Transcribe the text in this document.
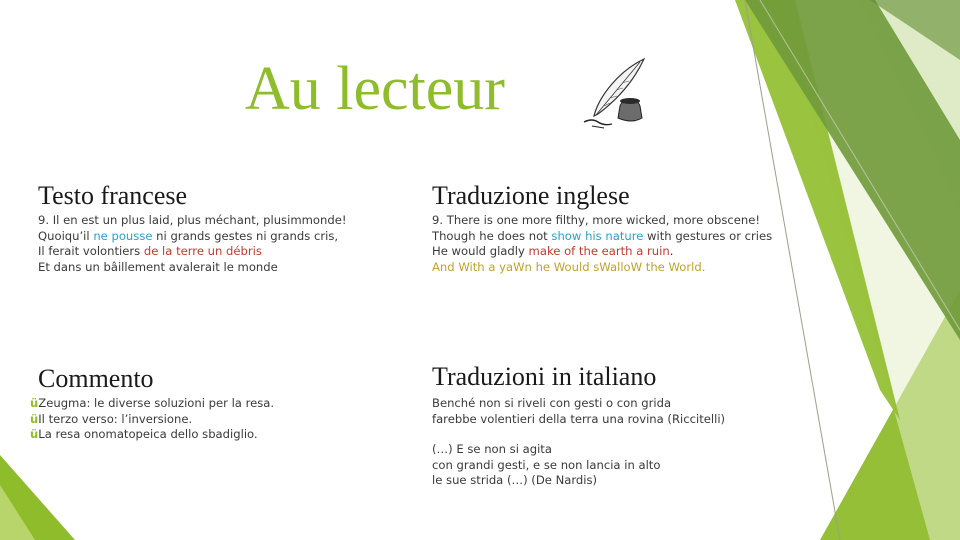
Au lecteur
Testo francese
9. Il en est un plus laid, plus méchant, plusimmonde!
Quoiqu’il ne pousse ni grands gestes ni grands cris,
Il ferait volontiers de la terre un débris
Et dans un bâillement avalerait le monde
Traduzione inglese
9. There is one more filthy, more wicked, more obscene!
Though he does not show his nature with gestures or cries
He would gladly make of the earth a ruin.
And With a yaWn he Would sWalloW the World.
Commento
üZeugma: le diverse soluzioni per la resa.
üIl terzo verso: l’inversione.
üLa resa onomatopeica dello sbadiglio.
Traduzioni in italiano
Benché non si riveli con gesti o con grida
farebbe volentieri della terra una rovina (Riccitelli)
(…) E se non si agita
con grandi gesti, e se non lancia in alto
le sue strida (…) (De Nardis)
